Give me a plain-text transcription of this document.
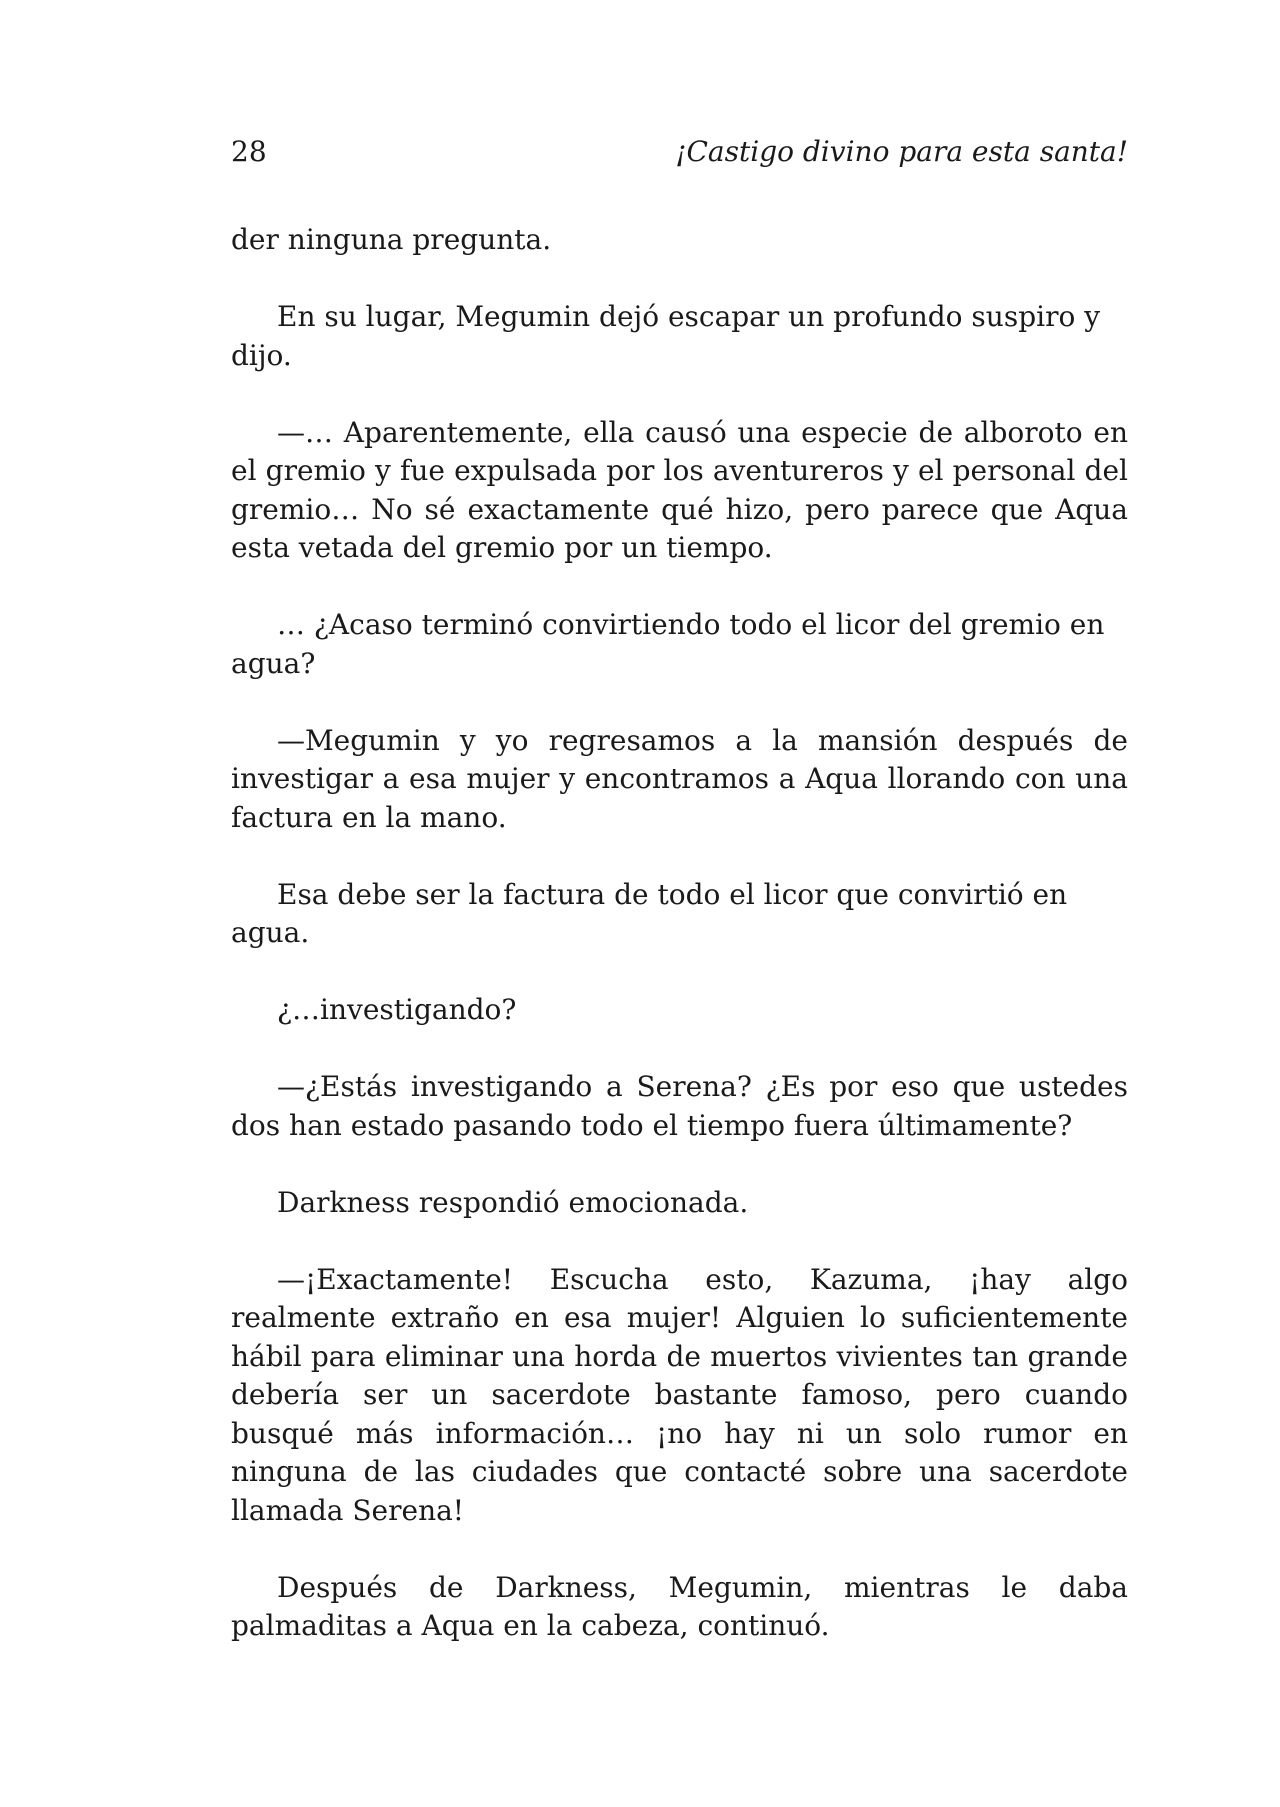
28	¡Castigo divino para esta santa!

der ninguna pregunta.

En su lugar, Megumin dejó escapar un profundo suspiro y dijo.

—… Aparentemente, ella causó una especie de alboroto en el gremio y fue expulsada por los aventureros y el personal del gremio… No sé exactamente qué hizo, pero parece que Aqua esta vetada del gremio por un tiempo.

… ¿Acaso terminó convirtiendo todo el licor del gremio en agua?

—Megumin y yo regresamos a la mansión después de investigar a esa mujer y encontramos a Aqua llorando con una factura en la mano.

Esa debe ser la factura de todo el licor que convirtió en agua.

¿…investigando?

—¿Estás investigando a Serena? ¿Es por eso que ustedes dos han estado pasando todo el tiempo fuera últimamente?

Darkness respondió emocionada.

—¡Exactamente! Escucha esto, Kazuma, ¡hay algo realmente extraño en esa mujer! Alguien lo suficientemente hábil para eliminar una horda de muertos vivientes tan grande debería ser un sacerdote bastante famoso, pero cuando busqué más información… ¡no hay ni un solo rumor en ninguna de las ciudades que contacté sobre una sacerdote llamada Serena!

Después de Darkness, Megumin, mientras le daba palmaditas a Aqua en la cabeza, continuó.
